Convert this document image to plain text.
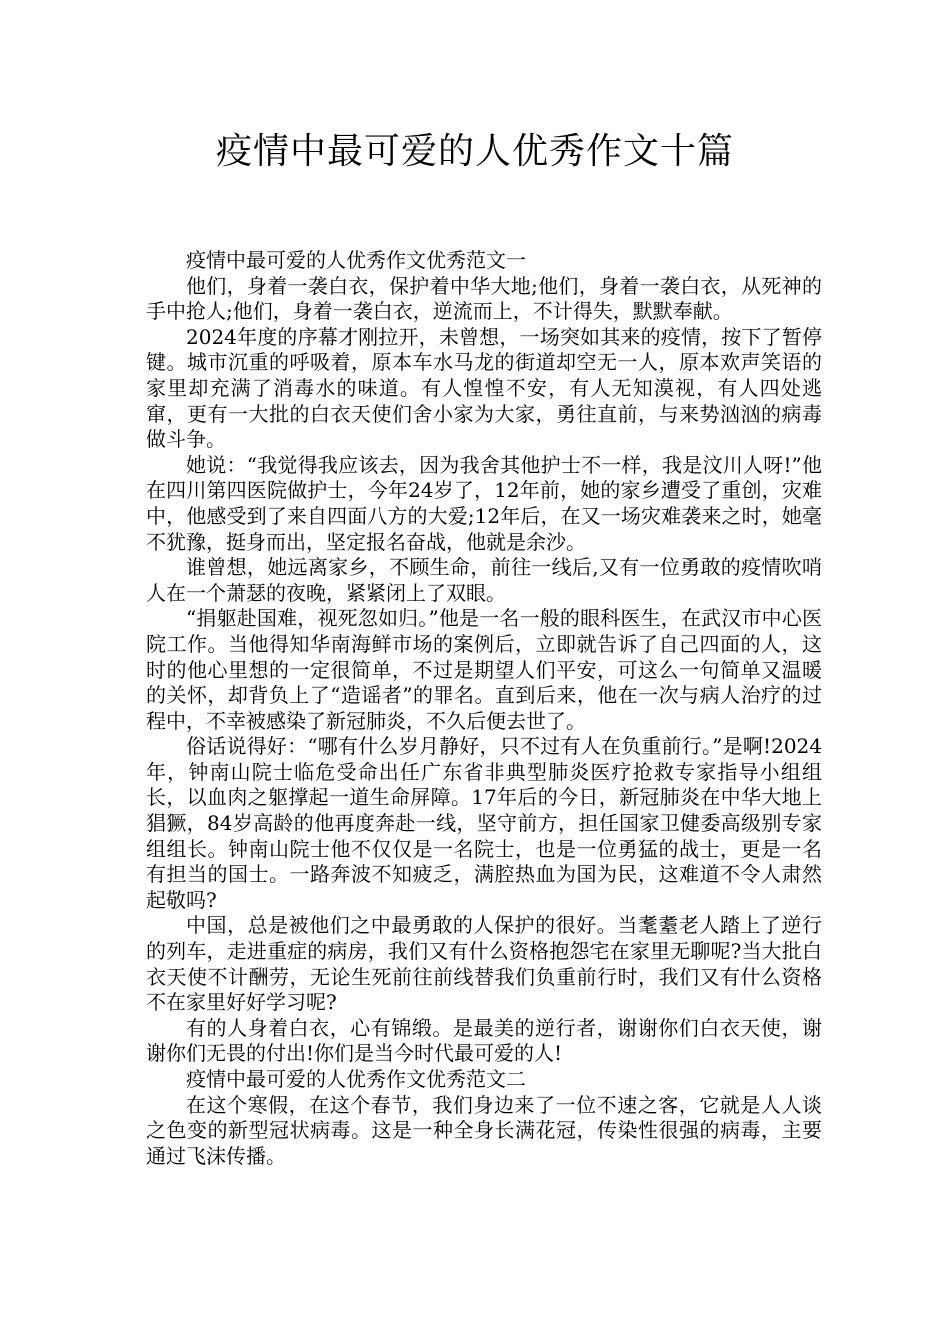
疫情中最可爱的人优秀作文十篇

疫情中最可爱的人优秀作文优秀范文一

他们，身着一袭白衣，保护着中华大地;他们，身着一袭白衣，从死神的手中抢人;他们，身着一袭白衣，逆流而上，不计得失，默默奉献。

2024年度的序幕才刚拉开，未曾想，一场突如其来的疫情，按下了暂停键。城市沉重的呼吸着，原本车水马龙的街道却空无一人，原本欢声笑语的家里却充满了消毒水的味道。有人惶惶不安，有人无知漠视，有人四处逃窜，更有一大批的白衣天使们舍小家为大家，勇往直前，与来势汹汹的病毒做斗争。

她说：“我觉得我应该去，因为我舍其他护士不一样，我是汶川人呀!”他在四川第四医院做护士，今年24岁了，12年前，她的家乡遭受了重创，灾难中，他感受到了来自四面八方的大爱;12年后，在又一场灾难袭来之时，她毫不犹豫，挺身而出，坚定报名奋战，他就是余沙。

谁曾想，她远离家乡，不顾生命，前往一线后,又有一位勇敢的疫情吹哨人在一个萧瑟的夜晚，紧紧闭上了双眼。

“捐躯赴国难，视死忽如归。”他是一名一般的眼科医生，在武汉市中心医院工作。当他得知华南海鲜市场的案例后，立即就告诉了自己四面的人，这时的他心里想的一定很简单，不过是期望人们平安，可这么一句简单又温暖的关怀，却背负上了“造谣者”的罪名。直到后来，他在一次与病人治疗的过程中，不幸被感染了新冠肺炎，不久后便去世了。

俗话说得好：“哪有什么岁月静好，只不过有人在负重前行。”是啊!2024年，钟南山院士临危受命出任广东省非典型肺炎医疗抢救专家指导小组组长，以血肉之躯撑起一道生命屏障。17年后的今日，新冠肺炎在中华大地上猖獗，84岁高龄的他再度奔赴一线，坚守前方，担任国家卫健委高级别专家组组长。钟南山院士他不仅仅是一名院士，也是一位勇猛的战士，更是一名有担当的国士。一路奔波不知疲乏，满腔热血为国为民，这难道不令人肃然起敬吗?

中国，总是被他们之中最勇敢的人保护的很好。当耄耋老人踏上了逆行的列车，走进重症的病房，我们又有什么资格抱怨宅在家里无聊呢?当大批白衣天使不计酬劳，无论生死前往前线替我们负重前行时，我们又有什么资格不在家里好好学习呢?

有的人身着白衣，心有锦缎。是最美的逆行者，谢谢你们白衣天使，谢谢你们无畏的付出!你们是当今时代最可爱的人!

疫情中最可爱的人优秀作文优秀范文二

在这个寒假，在这个春节，我们身边来了一位不速之客，它就是人人谈之色变的新型冠状病毒。这是一种全身长满花冠，传染性很强的病毒，主要通过飞沫传播。
